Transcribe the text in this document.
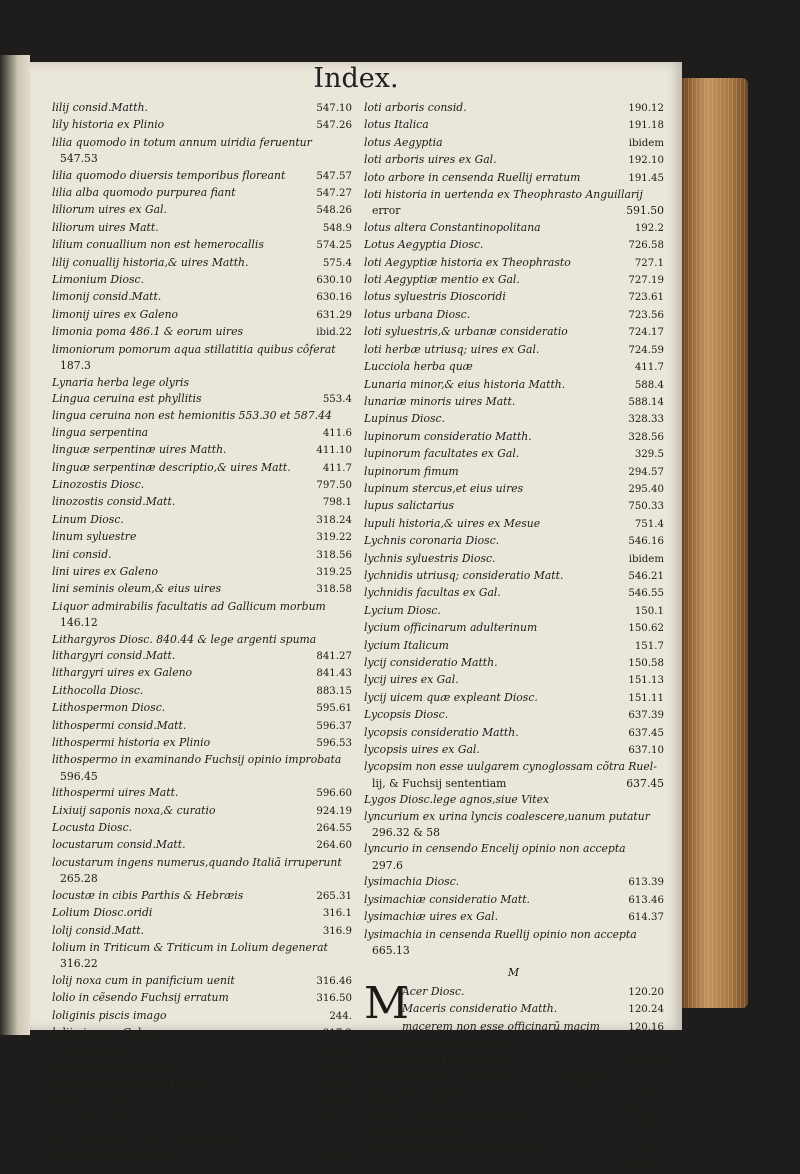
Index.
lilij consid.Matth.	547.10
lily historia ex Plinio	547.26
lilia quomodo in totum annum uiridia feruentur
547.53
lilia quomodo diuersis temporibus floreant	547.57
lilia alba quomodo purpurea fiant	547.27
liliorum uires ex Gal.	548.26
liliorum uires Matt.	548.9
lilium conuallium non est hemerocallis	574.25
lilij conuallij historia,& uires Matth.	575.4
Limonium Diosc.	630.10
limonij consid.Matt.	630.16
limonij uires ex Galeno	631.29
limonia poma 486.1 & eorum uires	ibid.22
limoniorum pomorum aqua stillatitia quibus côferat
187.3
Lynaria herba lege olyris
Lingua ceruina est phyllitis	553.4
lingua ceruina non est hemionitis 553.30 et 587.44
lingua serpentina	411.6
linguæ serpentinæ uires Matth.	411.10
linguæ serpentinæ descriptio,& uires Matt.	411.7
Linozostis Diosc.	797.50
linozostis consid.Matt.	798.1
Linum Diosc.	318.24
linum syluestre	319.22
lini consid.	318.56
lini uires ex Galeno	319.25
lini seminis oleum,& eius uires	318.58
Liquor admirabilis facultatis ad Gallicum morbum
146.12
Lithargyros Diosc. 840.44 & lege argenti spuma
lithargyri consid.Matt.	841.27
lithargyri uires ex Galeno	841.43
Lithocolla Diosc.	883.15
Lithospermon Diosc.	595.61
lithospermi consid.Matt.	596.37
lithospermi historia ex Plinio	596.53
lithospermo in examinando Fuchsij opinio improbata
596.45
lithospermi uires Matt.	596.60
Lixiuij saponis noxa,& curatio	924.19
Locusta Diosc.	264.55
locustarum consid.Matt.	264.60
locustarum ingens numerus,quando Italiã irruperunt
265.28
locustæ in cibis Parthis & Hebræis	265.31
Lolium Diosc.oridi	316.1
lolij consid.Matt.	316.9
lolium in Triticum & Triticum in Lolium degenerat
316.22
lolij noxa cum in panificium uenit	316.46
lolio in cẽsendo Fuchsij erratum	316.50
loliginis piscis imago	244.
lolij uires ex Galeno	317.2
Lonchitis Diosc.	598.43
lonchitis altera Diosc.	598.51
lonchitis consideratio Matt.	598.55
lonchitis uires ex Gal.	599.58
Lora Dioscoridi	815.36
loræ parandæ ratio & uires ex Gal.	815.56
Lotus arbor Dioscoridi	190.9
loti arboris consid.	190.12
lotus Italica	191.18
lotus Aegyptia	ibidem
loti arboris uires ex Gal.	192.10
loto arbore in censenda Ruellij erratum	191.45
loti historia in uertenda ex Theophrasto Anguillarij
error	591.50
lotus altera Constantinopolitana	192.2
Lotus Aegyptia Diosc.	726.58
loti Aegyptiæ historia ex Theophrasto	727.1
loti Aegyptiæ mentio ex Gal.	727.19
lotus syluestris Dioscoridi	723.61
lotus urbana Diosc.	723.56
loti syluestris,& urbanæ consideratio	724.17
loti herbæ utriusq; uires ex Gal.	724.59
Lucciola herba quæ	411.7
Lunaria minor,& eius historia Matth.	588.4
lunariæ minoris uires Matt.	588.14
Lupinus Diosc.	328.33
lupinorum consideratio Matth.	328.56
lupinorum facultates ex Gal.	329.5
lupinorum fimum	294.57
lupinum stercus,et eius uires	295.40
lupus salictarius	750.33
lupuli historia,& uires ex Mesue	751.4
Lychnis coronaria Diosc.	546.16
lychnis syluestris Diosc.	ibidem
lychnidis utriusq; consideratio Matt.	546.21
lychnidis facultas ex Gal.	546.55
Lycium Diosc.	150.1
lycium officinarum adulterinum	150.62
lycium Italicum	151.7
lycij consideratio Matth.	150.58
lycij uires ex Gal.	151.13
lycij uicem quæ expleant Diosc.	151.11
Lycopsis Diosc.	637.39
lycopsis consideratio Matth.	637.45
lycopsis uires ex Gal.	637.10
lycopsim non esse uulgarem cynoglossam cõtra Ruel-
lij, & Fuchsij sententiam	637.45
Lygos Diosc.lege agnos,siue Vitex
lyncurium ex urina lyncis coalescere,uanum putatur
296.32 & 58
lyncurio in censendo Encelij opinio non accepta
297.6
lysimachia Diosc.	613.39
lysimachiæ consideratio Matt.	613.46
lysimachiæ uires ex Gal.	614.37
lysimachia in censenda Ruellij opinio non accepta
665.13
M
M
Acer Diosc.	120.20
Maceris consideratio Matth.	120.24
macerem non esse officinarũ macim	120.16
maceris facultates ex Gal.	120.37
macis Arabum consideratio	120.34
macere in censendo Monachorũ opinio falsa	120.52
Manæ Dioscoridi	253.1
mænarum,& smaridum consid.	253.23
Magnes lapis Diosc.	877.1
magnetis lapidis historia Matth.	877.7
magnetis
